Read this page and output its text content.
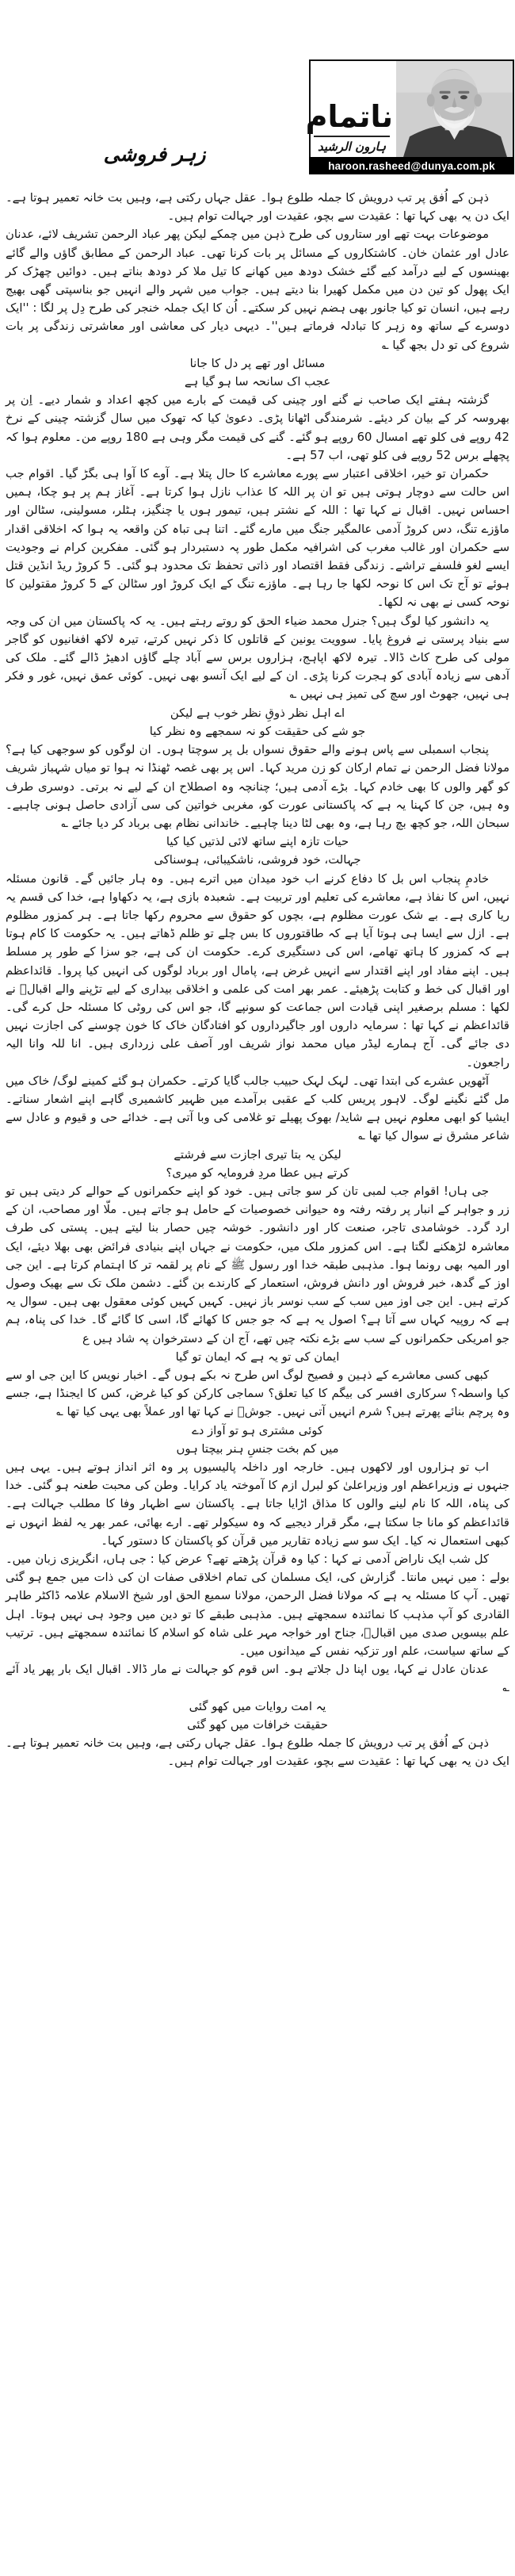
ناتمام
ہارون الرشید
haroon.rasheed@dunya.com.pk
زہر فروشی

ذہن کے اُفق پر تب درویش کا جملہ طلوع ہوا۔ عقل جہاں رکتی ہے، وہیں بت خانہ تعمیر ہوتا ہے۔ ایک دن یہ بھی کہا تھا : عقیدت سے بچو، عقیدت اور جہالت توام ہیں۔

موضوعات بہت تھے اور ستاروں کی طرح ذہن میں چمکے لیکن پھر عباد الرحمن تشریف لائے، عدنان عادل اور عثمان خان۔ کاشتکاروں کے مسائل پر بات کرنا تھی۔ عباد الرحمن کے مطابق گاؤں والے گائے بھینسوں کے لیے درآمد کیے گئے خشک دودھ میں کھانے کا تیل ملا کر دودھ بناتے ہیں۔ دوائیں چھڑک کر ایک پھول کو تین دن میں مکمل کھیرا بنا دیتے ہیں۔ جواب میں شہر والے انہیں جو بناسپتی گھی بھیج رہے ہیں، انسان تو کیا جانور بھی ہضم نہیں کر سکتے۔ اُن کا ایک جملہ خنجر کی طرح دِل پر لگا : ''ایک دوسرے کے ساتھ وہ زہر کا تبادلہ فرماتے ہیں''۔ دیہی دیار کی معاشی اور معاشرتی زندگی پر بات شروع کی تو دل بجھ گیا ؎

مسائل اور تھے پر دل کا جانا
عجب اک سانحہ سا ہو گیا ہے

گزشتہ ہفتے ایک صاحب نے گنے اور چینی کی قیمت کے بارے میں کچھ اعداد و شمار دیے۔ اِن پر بھروسہ کر کے بیان کر دیئے۔ شرمندگی اٹھانا پڑی۔ دعویٰ کیا کہ تھوک میں سال گزشتہ چینی کے نرخ 42 روپے فی کلو تھے امسال 60 روپے ہو گئے۔ گنے کی قیمت مگر وہی ہے 180 روپے من۔ معلوم ہوا کہ پچھلے برس 52 روپے فی کلو تھی، اب 57 ہے۔

حکمران تو خیر، اخلاقی اعتبار سے پورے معاشرے کا حال پتلا ہے۔ آوے کا آوا ہی بگڑ گیا۔ اقوام جب اس حالت سے دوچار ہوتی ہیں تو ان پر اللہ کا عذاب نازل ہوا کرتا ہے۔ آغاز ہم پر ہو چکا، ہمیں احساس نہیں۔ اقبال نے کہا تھا : اللہ کے نشتر ہیں، تیمور ہوں یا چنگیز، ہٹلر، مسولینی، سٹالن اور ماؤزے تنگ، دس کروڑ آدمی عالمگیر جنگ میں مارے گئے۔ اتنا ہی تباہ کن واقعہ یہ ہوا کہ اخلاقی اقدار سے حکمران اور غالب مغرب کی اشرافیہ مکمل طور پہ دستبردار ہو گئی۔ مفکرین کرام نے وجودیت ایسے لغو فلسفے تراشے۔ زندگی فقط اقتصاد اور ذاتی تحفظ تک محدود ہو گئی۔ 5 کروڑ ریڈ انڈین قتل ہوئے تو آج تک اس کا نوحہ لکھا جا رہا ہے۔ ماؤزے تنگ کے ایک کروڑ اور سٹالن کے 5 کروڑ مقتولین کا نوحہ کسی نے بھی نہ لکھا۔

یہ دانشور کیا لوگ ہیں؟ جنرل محمد ضیاء الحق کو روتے رہتے ہیں۔ یہ کہ پاکستان میں ان کی وجہ سے بنیاد پرستی نے فروغ پایا۔ سوویت یونین کے قاتلوں کا ذکر نہیں کرتے، تیرہ لاکھ افغانیوں کو گاجر مولی کی طرح کاٹ ڈالا۔ تیرہ لاکھ اپاہج، ہزاروں برس سے آباد چلے گاؤں ادھیڑ ڈالے گئے۔ ملک کی آدھی سے زیادہ آبادی کو ہجرت کرنا پڑی۔ ان کے لیے ایک آنسو بھی نہیں۔ کوئی عمق نہیں، غور و فکر ہی نہیں، جھوٹ اور سچ کی تمیز ہی نہیں ؎

اے اہل نظر ذوقِ نظر خوب ہے لیکن
جو شے کی حقیقت کو نہ سمجھے وہ نظر کیا

پنجاب اسمبلی سے پاس ہونے والے حقوق نسواں بل پر سوچتا ہوں۔ ان لوگوں کو سوجھی کیا ہے؟ مولانا فضل الرحمن نے تمام ارکان کو زن مرید کہا۔ اس پر بھی غصہ ٹھنڈا نہ ہوا تو میاں شہباز شریف کو گھر والوں کا بھی خادم کہا۔ بڑے آدمی ہیں؛ چنانچہ وہ اصطلاح ان کے لیے نہ برتی۔ دوسری طرف وہ ہیں، جن کا کہنا یہ ہے کہ پاکستانی عورت کو، مغربی خواتین کی سی آزادی حاصل ہونی چاہیے۔ سبحان اللہ، جو کچھ بچ رہا ہے، وہ بھی لٹا دینا چاہیے۔ خاندانی نظام بھی برباد کر دیا جائے ؎

حیات تازہ اپنے ساتھ لائی لذتیں کیا کیا
جہالت، خود فروشی، ناشکیبائی، ہوسناکی

خادمِ پنجاب اس بل کا دفاع کرنے اب خود میدان میں اترے ہیں۔ وہ ہار جائیں گے۔ قانون مسئلہ نہیں، اس کا نفاذ ہے، معاشرے کی تعلیم اور تربیت ہے۔ شعبدہ بازی ہے، یہ دکھاوا ہے، خدا کی قسم یہ ریا کاری ہے۔ بے شک عورت مظلوم ہے، بچوں کو حقوق سے محروم رکھا جاتا ہے۔ ہر کمزور مظلوم ہے۔ ازل سے ایسا ہی ہوتا آیا ہے کہ طاقتوروں کا بس چلے تو ظلم ڈھاتے ہیں۔ یہ حکومت کا کام ہوتا ہے کہ کمزور کا ہاتھ تھامے، اس کی دستگیری کرے۔ حکومت ان کی ہے، جو سزا کے طور پر مسلط ہیں۔ اپنے مفاد اور اپنے اقتدار سے انہیں غرض ہے، پامال اور برباد لوگوں کی انہیں کیا پروا۔ قائداعظم اور اقبال کی خط و کتابت پڑھیئے۔ عمر بھر امت کی علمی و اخلاقی بیداری کے لیے تڑپنے والے اقبالؔ نے لکھا : مسلم برصغیر اپنی قیادت اس جماعت کو سونپے گا، جو اس کی روٹی کا مسئلہ حل کرے گی۔ قائداعظم نے کہا تھا : سرمایہ داروں اور جاگیرداروں کو افتادگان خاک کا خون چوسنے کی اجازت نہیں دی جائے گی۔ آج ہمارے لیڈر میاں محمد نواز شریف اور آصف علی زرداری ہیں۔ انا للہ وانا الیہ راجعون۔

آٹھویں عشرے کی ابتدا تھی۔ لہک لہک حبیب جالب گایا کرتے۔ حکمران ہو گئے کمینے لوگ/ خاک میں مل گئے نگینے لوگ۔ لاہور پریس کلب کے عقبی برآمدے میں ظہیر کاشمیری گاہے اپنے اشعار سناتے۔ ایشیا کو ابھی معلوم نہیں ہے شاید/ بھوک پھیلے تو غلامی کی وبا آتی ہے۔ خدائے حی و قیوم و عادل سے شاعر مشرق نے سوال کیا تھا ؎

لیکن یہ بتا تیری اجازت سے فرشتے
کرتے ہیں عطا مردِ فرومایہ کو میری؟

جی ہاں! اقوام جب لمبی تان کر سو جاتی ہیں۔ خود کو اپنے حکمرانوں کے حوالے کر دیتی ہیں تو زر و جواہر کے انبار پر رفتہ رفتہ وہ حیوانی خصوصیات کے حامل ہو جاتے ہیں۔ ملّا اور مصاحب، ان کے ارد گرد۔ خوشامدی تاجر، صنعت کار اور دانشور۔ خوشہ چیں حصار بنا لیتے ہیں۔ پستی کی طرف معاشرہ لڑھکنے لگتا ہے۔ اس کمزور ملک میں، حکومت نے جہاں اپنے بنیادی فرائض بھی بھلا دیئے، ایک اور المیہ بھی رونما ہوا۔ مذہبی طبقہ خدا اور رسول ﷺ کے نام پر لقمہ تر کا اہتمام کرتا ہے۔ این جی اوز کے گدھ، خبر فروش اور دانش فروش، استعمار کے کارندے بن گئے۔ دشمن ملک تک سے بھیک وصول کرتے ہیں۔ این جی اوز میں سب کے سب نوسر باز نہیں۔ کہیں کہیں کوئی معقول بھی ہیں۔ سوال یہ ہے کہ روپیہ کہاں سے آتا ہے؟ اصول یہ ہے کہ جو جس کا کھائے گا، اسی کا گائے گا۔ خدا کی پناہ، ہم جو امریکی حکمرانوں کے سب سے بڑے نکتہ چیں تھے، آج ان کے دسترخوان پہ شاد ہیں ع

ایمان کی تو یہ ہے کہ ایمان تو گیا

کبھی کسی معاشرے کے ذہین و فصیح لوگ اس طرح نہ بکے ہوں گے۔ اخبار نویس کا این جی او سے کیا واسطہ؟ سرکاری افسر کی بیگم کا کیا تعلق؟ سماجی کارکن کو کیا غرض، کس کا ایجنڈا ہے، جسے وہ پرچم بنائے پھرتے ہیں؟ شرم انہیں آتی نہیں۔ جوشؔ نے کہا تھا اور عملاً بھی یہی کیا تھا ؎

کوئی مشتری ہو تو آواز دے
میں کم بخت جنسِ ہنر بیچتا ہوں

اب تو ہزاروں اور لاکھوں ہیں۔ خارجہ اور داخلہ پالیسیوں پر وہ اثر انداز ہوتے ہیں۔ یہی ہیں جنہوں نے وزیراعظم اور وزیراعلیٰ کو لبرل ازم کا آموختہ یاد کرایا۔ وطن کی محبت طعنہ ہو گئی۔ خدا کی پناہ، اللہ کا نام لینے والوں کا مذاق اڑایا جاتا ہے۔ پاکستان سے اظہار وفا کا مطلب جہالت ہے۔ قائداعظم کو مانا جا سکتا ہے، مگر قرار دیجیے کہ وہ سیکولر تھے۔ ارے بھائی، عمر بھر یہ لفظ انہوں نے کبھی استعمال نہ کیا۔ ایک سو سے زیادہ تقاریر میں قرآن کو پاکستان کا دستور کہا۔

کل شب ایک ناراض آدمی نے کہا : کیا وہ قرآن پڑھتے تھے؟ عرض کیا : جی ہاں، انگریزی زبان میں۔ بولے : میں نہیں مانتا۔ گزارش کی، ایک مسلمان کی تمام اخلاقی صفات ان کی ذات میں جمع ہو گئی تھیں۔ آپ کا مسئلہ یہ ہے کہ مولانا فضل الرحمن، مولانا سمیع الحق اور شیخ الاسلام علامہ ڈاکٹر طاہر القادری کو آپ مذہب کا نمائندہ سمجھتے ہیں۔ مذہبی طبقے کا تو دین میں وجود ہی نہیں ہوتا۔ اہل علم بیسویں صدی میں اقبالؔ، جناح اور خواجہ مہر علی شاہ کو اسلام کا نمائندہ سمجھتے ہیں۔ ترتیب کے ساتھ سیاست، علم اور تزکیہ نفس کے میدانوں میں۔

عدنان عادل نے کہا، یوں اپنا دل جلاتے ہو۔ اس قوم کو جہالت نے مار ڈالا۔ اقبال ایک بار پھر یاد آئے ؎

یہ امت روایات میں کھو گئی
حقیقت خرافات میں کھو گئی

ذہن کے اُفق پر تب درویش کا جملہ طلوع ہوا۔ عقل جہاں رکتی ہے، وہیں بت خانہ تعمیر ہوتا ہے۔ ایک دن یہ بھی کہا تھا : عقیدت سے بچو، عقیدت اور جہالت توام ہیں۔
